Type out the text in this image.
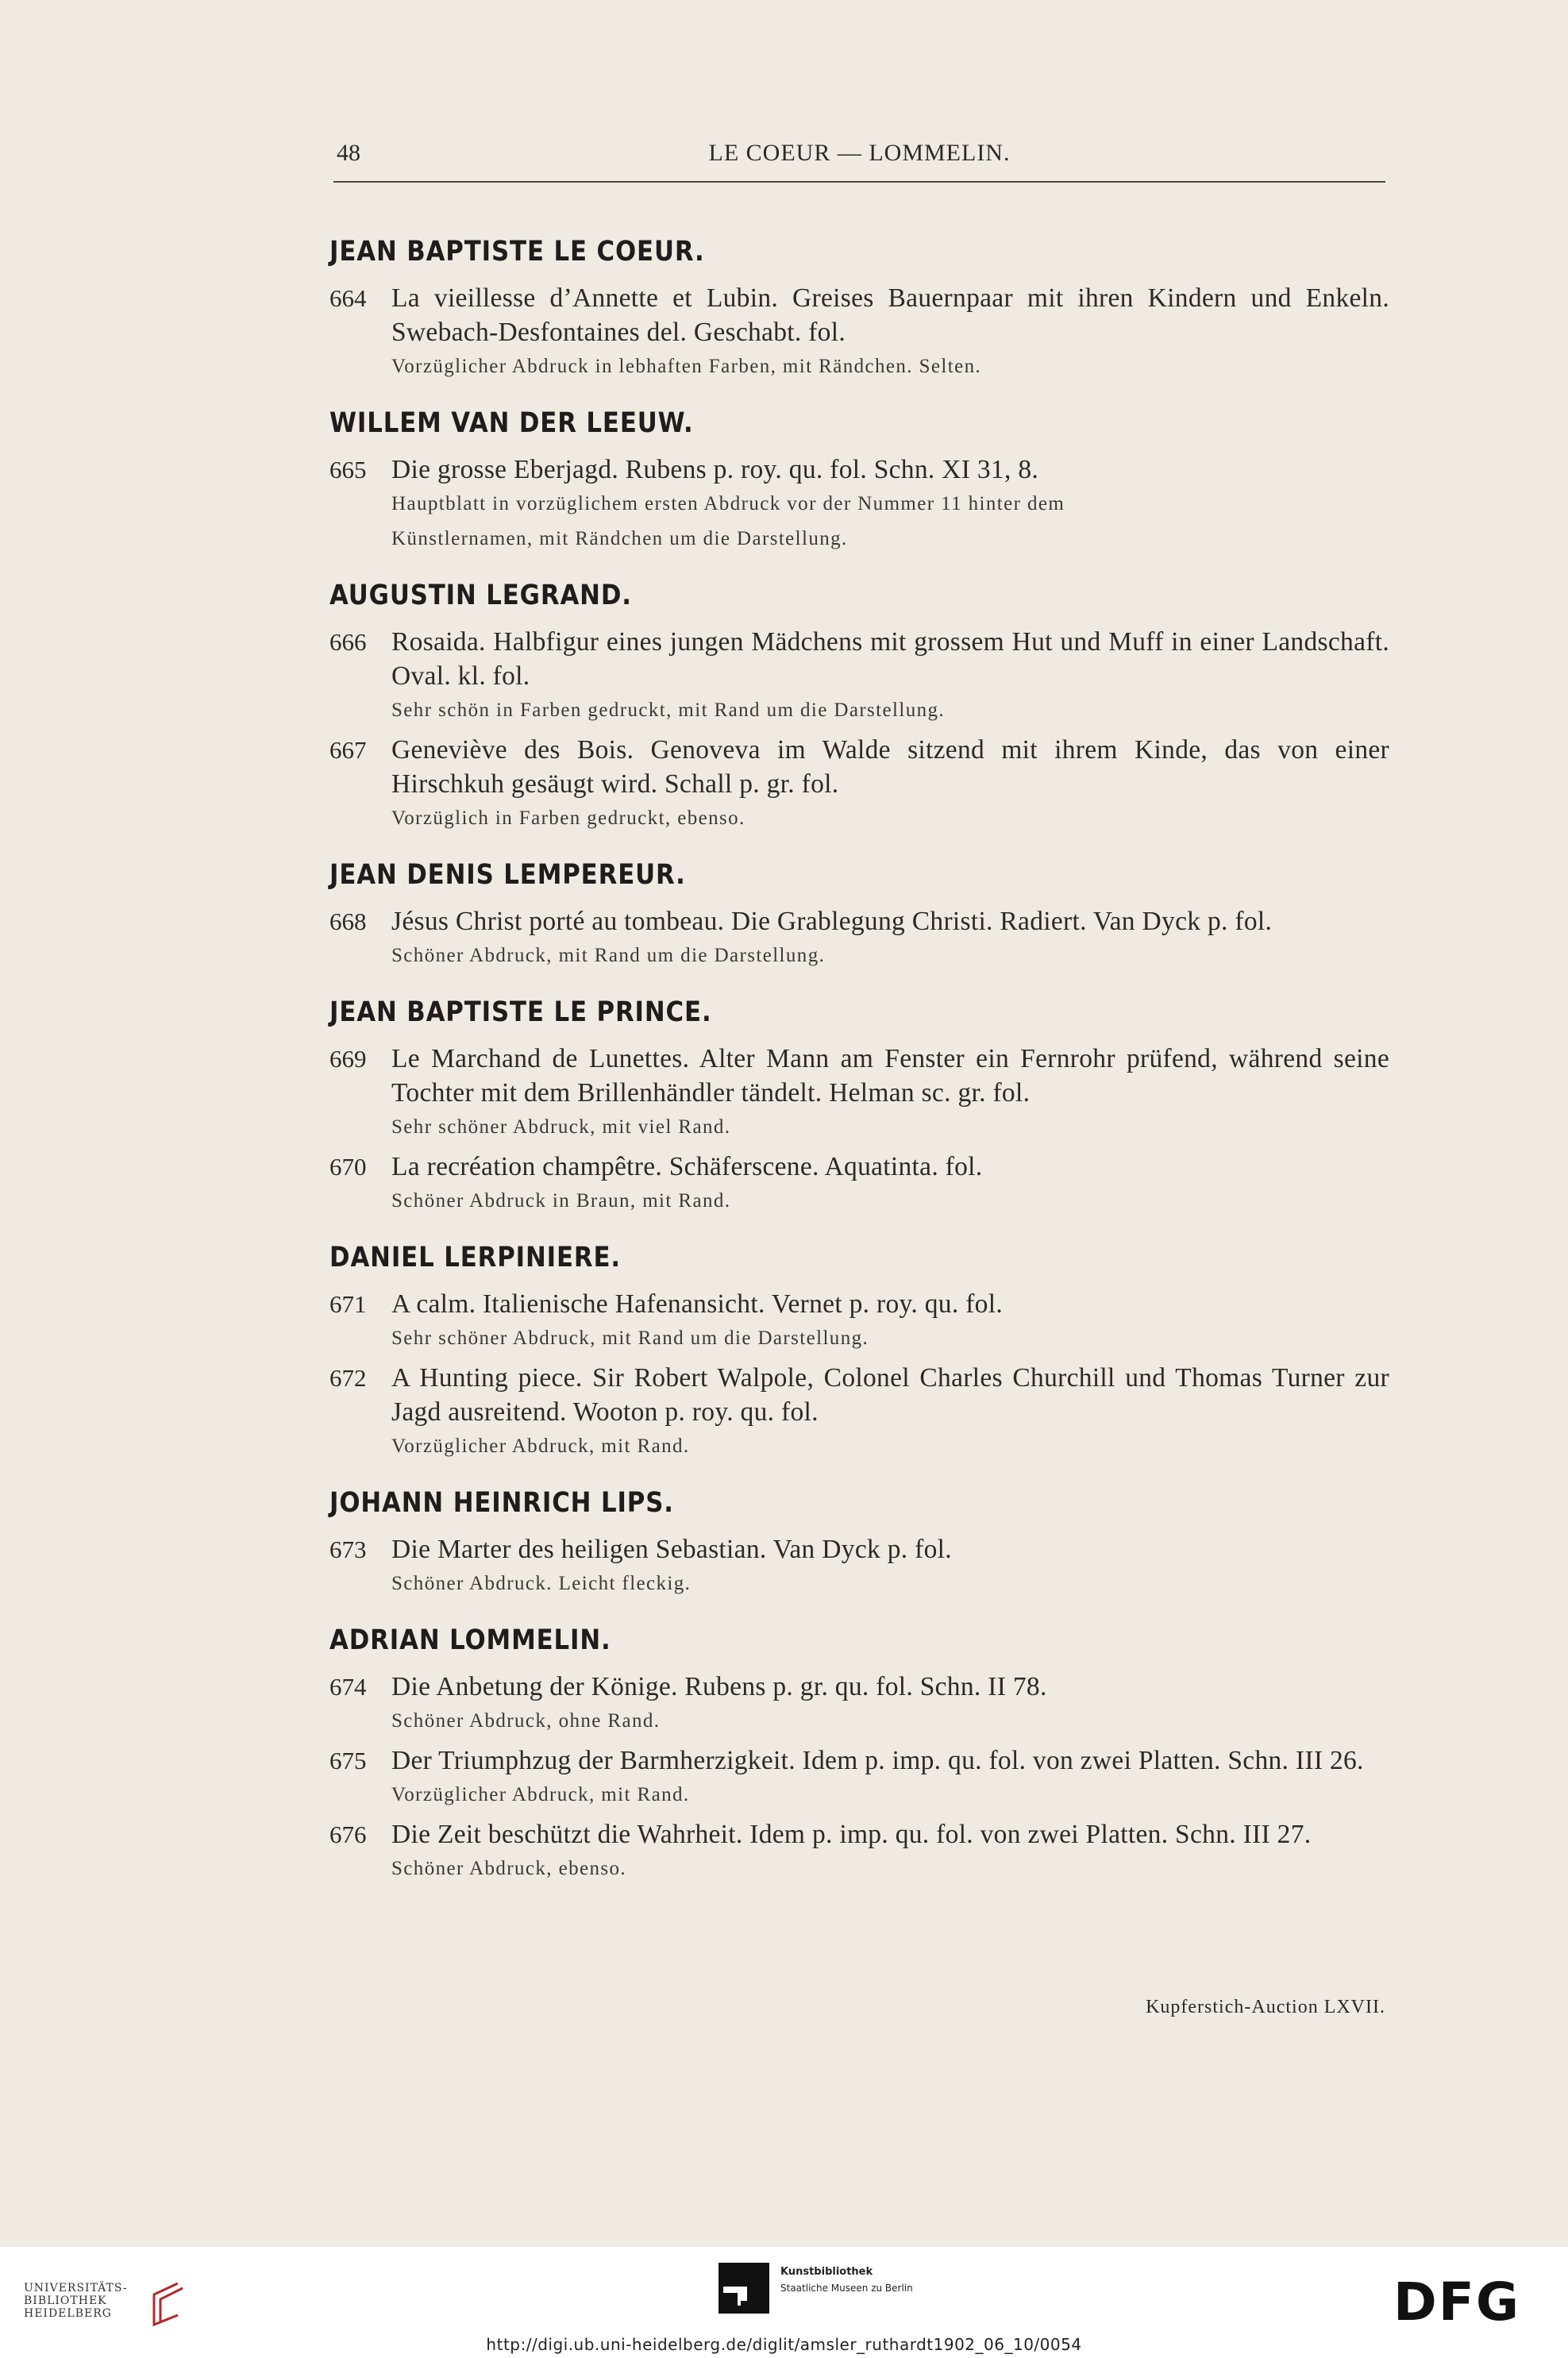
48	LE COEUR — LOMMELIN.
JEAN BAPTISTE LE COEUR.
664 La vieillesse d’Annette et Lubin. Greises Bauernpaar mit ihren Kindern und Enkeln. Swebach-Desfontaines del. Geschabt. fol.
Vorzüglicher Abdruck in lebhaften Farben, mit Rändchen. Selten.
WILLEM VAN DER LEEUW.
665 Die grosse Eberjagd. Rubens p. roy. qu. fol. Schn. XI 31, 8.
Hauptblatt in vorzüglichem ersten Abdruck vor der Nummer 11 hinter dem
Künstlernamen, mit Rändchen um die Darstellung.
AUGUSTIN LEGRAND.
666 Rosaida. Halbfigur eines jungen Mädchens mit grossem Hut und Muff in einer Landschaft. Oval. kl. fol.
Sehr schön in Farben gedruckt, mit Rand um die Darstellung.
667 Geneviève des Bois. Genoveva im Walde sitzend mit ihrem Kinde, das von einer Hirschkuh gesäugt wird. Schall p. gr. fol.
Vorzüglich in Farben gedruckt, ebenso.
JEAN DENIS LEMPEREUR.
668 Jésus Christ porté au tombeau. Die Grablegung Christi. Radiert. Van Dyck p. fol.
Schöner Abdruck, mit Rand um die Darstellung.
JEAN BAPTISTE LE PRINCE.
669 Le Marchand de Lunettes. Alter Mann am Fenster ein Fernrohr prüfend, während seine Tochter mit dem Brillenhändler tändelt. Helman sc. gr. fol.
Sehr schöner Abdruck, mit viel Rand.
670 La recréation champêtre. Schäferscene. Aquatinta. fol.
Schöner Abdruck in Braun, mit Rand.
DANIEL LERPINIERE.
671 A calm. Italienische Hafenansicht. Vernet p. roy. qu. fol.
Sehr schöner Abdruck, mit Rand um die Darstellung.
672 A Hunting piece. Sir Robert Walpole, Colonel Charles Churchill und Thomas Turner zur Jagd ausreitend. Wooton p. roy. qu. fol.
Vorzüglicher Abdruck, mit Rand.
JOHANN HEINRICH LIPS.
673 Die Marter des heiligen Sebastian. Van Dyck p. fol.
Schöner Abdruck. Leicht fleckig.
ADRIAN LOMMELIN.
674 Die Anbetung der Könige. Rubens p. gr. qu. fol. Schn. II 78.
Schöner Abdruck, ohne Rand.
675 Der Triumphzug der Barmherzigkeit. Idem p. imp. qu. fol. von zwei Platten. Schn. III 26.
Vorzüglicher Abdruck, mit Rand.
676 Die Zeit beschützt die Wahrheit. Idem p. imp. qu. fol. von zwei Platten. Schn. III 27.
Schöner Abdruck, ebenso.
Kupferstich-Auction LXVII.
UNIVERSITÄTS-
BIBLIOTHEK
HEIDELBERG
Kunstbibliothek
Staatliche Museen zu Berlin	DFG
http://digi.ub.uni-heidelberg.de/diglit/amsler_ruthardt1902_06_10/0054
